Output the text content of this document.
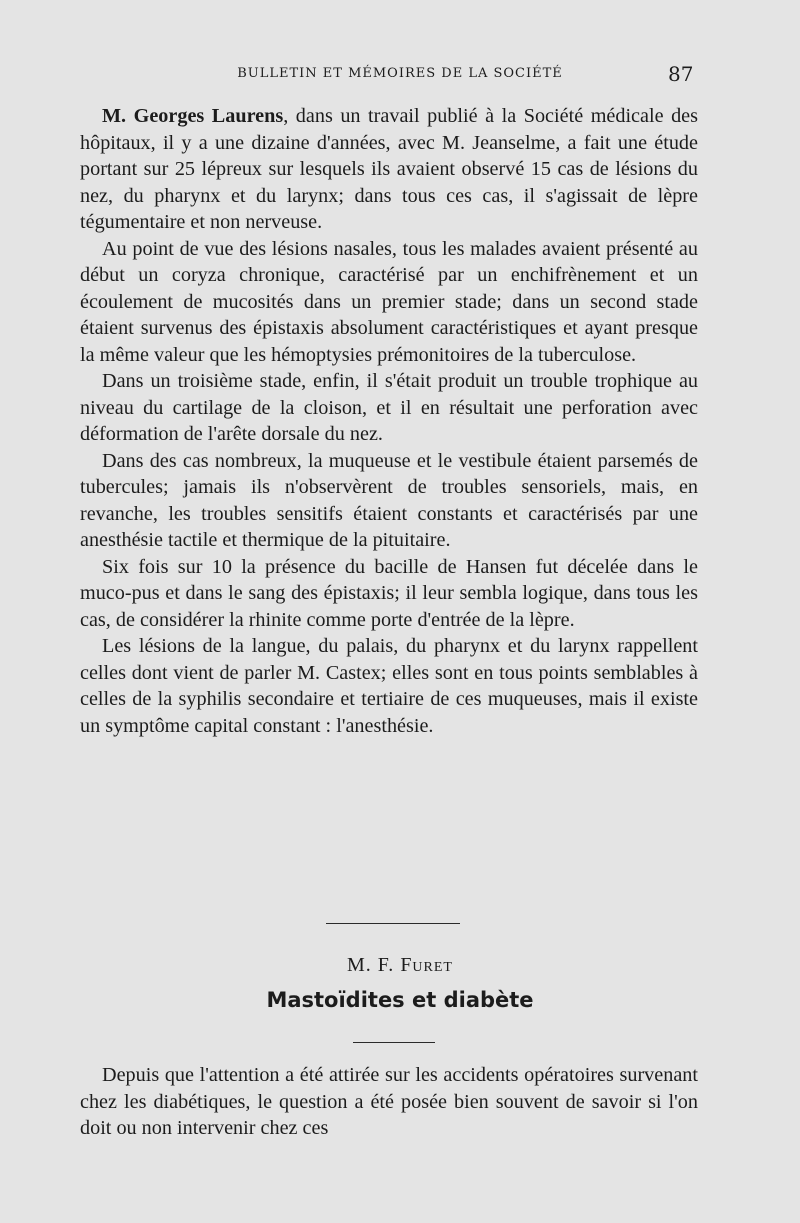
BULLETIN ET MÉMOIRES DE LA SOCIÉTÉ	87

M. Georges Laurens, dans un travail publié à la Société médicale des hôpitaux, il y a une dizaine d'années, avec M. Jeanselme, a fait une étude portant sur 25 lépreux sur lesquels ils avaient observé 15 cas de lésions du nez, du pharynx et du larynx; dans tous ces cas, il s'agissait de lèpre tégumentaire et non nerveuse.

Au point de vue des lésions nasales, tous les malades avaient présenté au début un coryza chronique, caractérisé par un enchifrènement et un écoulement de mucosités dans un premier stade; dans un second stade étaient survenus des épistaxis absolument caractéristiques et ayant presque la même valeur que les hémoptysies prémonitoires de la tuberculose.

Dans un troisième stade, enfin, il s'était produit un trouble trophique au niveau du cartilage de la cloison, et il en résultait une perforation avec déformation de l'arête dorsale du nez.

Dans des cas nombreux, la muqueuse et le vestibule étaient parsemés de tubercules; jamais ils n'observèrent de troubles sensoriels, mais, en revanche, les troubles sensitifs étaient constants et caractérisés par une anesthésie tactile et thermique de la pituitaire.

Six fois sur 10 la présence du bacille de Hansen fut décelée dans le muco-pus et dans le sang des épistaxis; il leur sembla logique, dans tous les cas, de considérer la rhinite comme porte d'entrée de la lèpre.

Les lésions de la langue, du palais, du pharynx et du larynx rappellent celles dont vient de parler M. Castex; elles sont en tous points semblables à celles de la syphilis secondaire et tertiaire de ces muqueuses, mais il existe un symptôme capital constant : l'anesthésie.

M. F. Furet
Mastoïdites et diabète

Depuis que l'attention a été attirée sur les accidents opératoires survenant chez les diabétiques, le question a été posée bien souvent de savoir si l'on doit ou non intervenir chez ces
